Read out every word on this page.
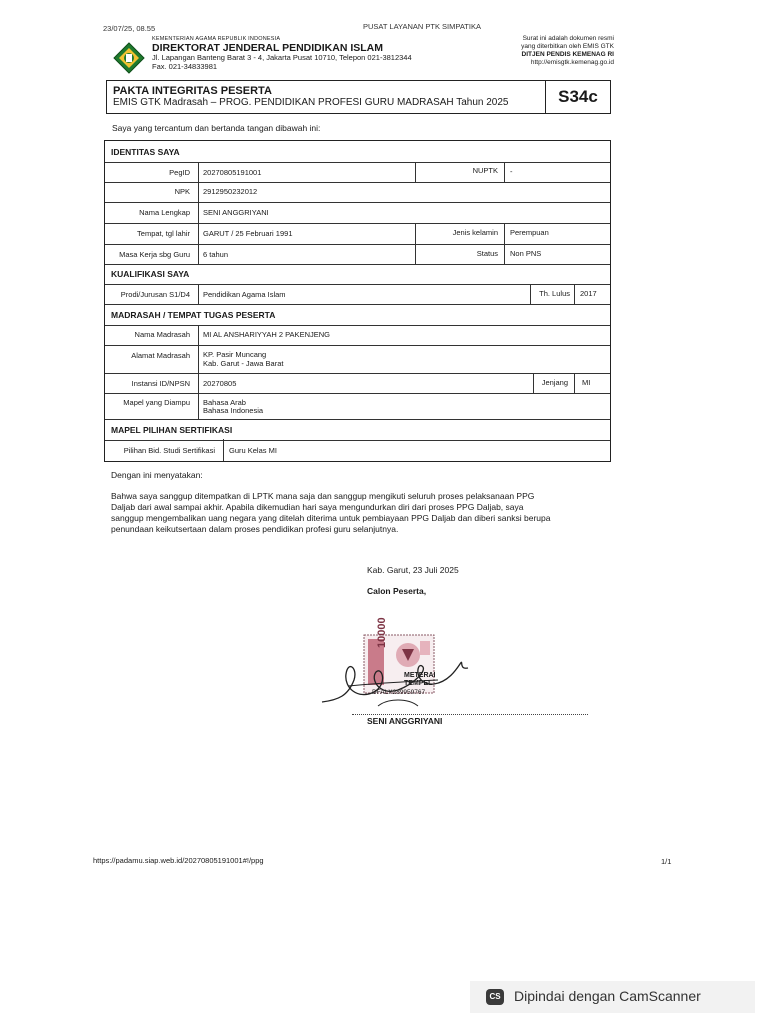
23/07/25, 08.55	PUSAT LAYANAN PTK SIMPATIKA
KEMENTERIAN AGAMA REPUBLIK INDONESIA
DIREKTORAT JENDERAL PENDIDIKAN ISLAM
Jl. Lapangan Banteng Barat 3 - 4, Jakarta Pusat 10710, Telepon 021-3812344
Fax. 021-34833981
Surat ini adalah dokumen resmi
yang diterbitkan oleh EMIS GTK
DITJEN PENDIS KEMENAG RI
http://emisgtk.kemenag.go.id
PAKTA INTEGRITAS PESERTA
EMIS GTK Madrasah – PROG. PENDIDIKAN PROFESI GURU MADRASAH Tahun 2025	S34c
Saya yang tercantum dan bertanda tangan dibawah ini:
IDENTITAS SAYA
PegID 20270805191001	NUPTK -
NPK 2912950232012
Nama Lengkap SENI ANGGRIYANI
Tempat, tgl lahir GARUT / 25 Februari 1991	Jenis kelamin Perempuan
Masa Kerja sbg Guru 6 tahun	Status Non PNS
KUALIFIKASI SAYA
Prodi/Jurusan S1/D4 Pendidikan Agama Islam	Th. Lulus 2017
MADRASAH / TEMPAT TUGAS PESERTA
Nama Madrasah MI AL ANSHARIYYAH 2 PAKENJENG
Alamat Madrasah KP. Pasir Muncang
Kab. Garut - Jawa Barat
Instansi ID/NPSN 20270805	Jenjang MI
Mapel yang Diampu Bahasa Arab
Bahasa Indonesia
MAPEL PILIHAN SERTIFIKASI
Pilihan Bid. Studi Sertifikasi Guru Kelas MI
Dengan ini menyatakan:
Bahwa saya sanggup ditempatkan di LPTK mana saja dan sanggup mengikuti seluruh proses pelaksanaan PPG
Daljab dari awal sampai akhir. Apabila dikemudian hari saya mengundurkan diri dari proses PPG Daljab, saya
sanggup mengembalikan uang negara yang ditelah diterima untuk pembiayaan PPG Daljab dan diberi sanksi berupa
penundaan keikutsertaan dalam proses pendidikan profesi guru selanjutnya.
Kab. Garut, 23 Juli 2025
Calon Peserta,
10000
METERAI
TEMPEL
DFALX289959767
SENI ANGGRIYANI
https://padamu.siap.web.id/20270805191001#!/ppg	1/1
CS Dipindai dengan CamScanner
